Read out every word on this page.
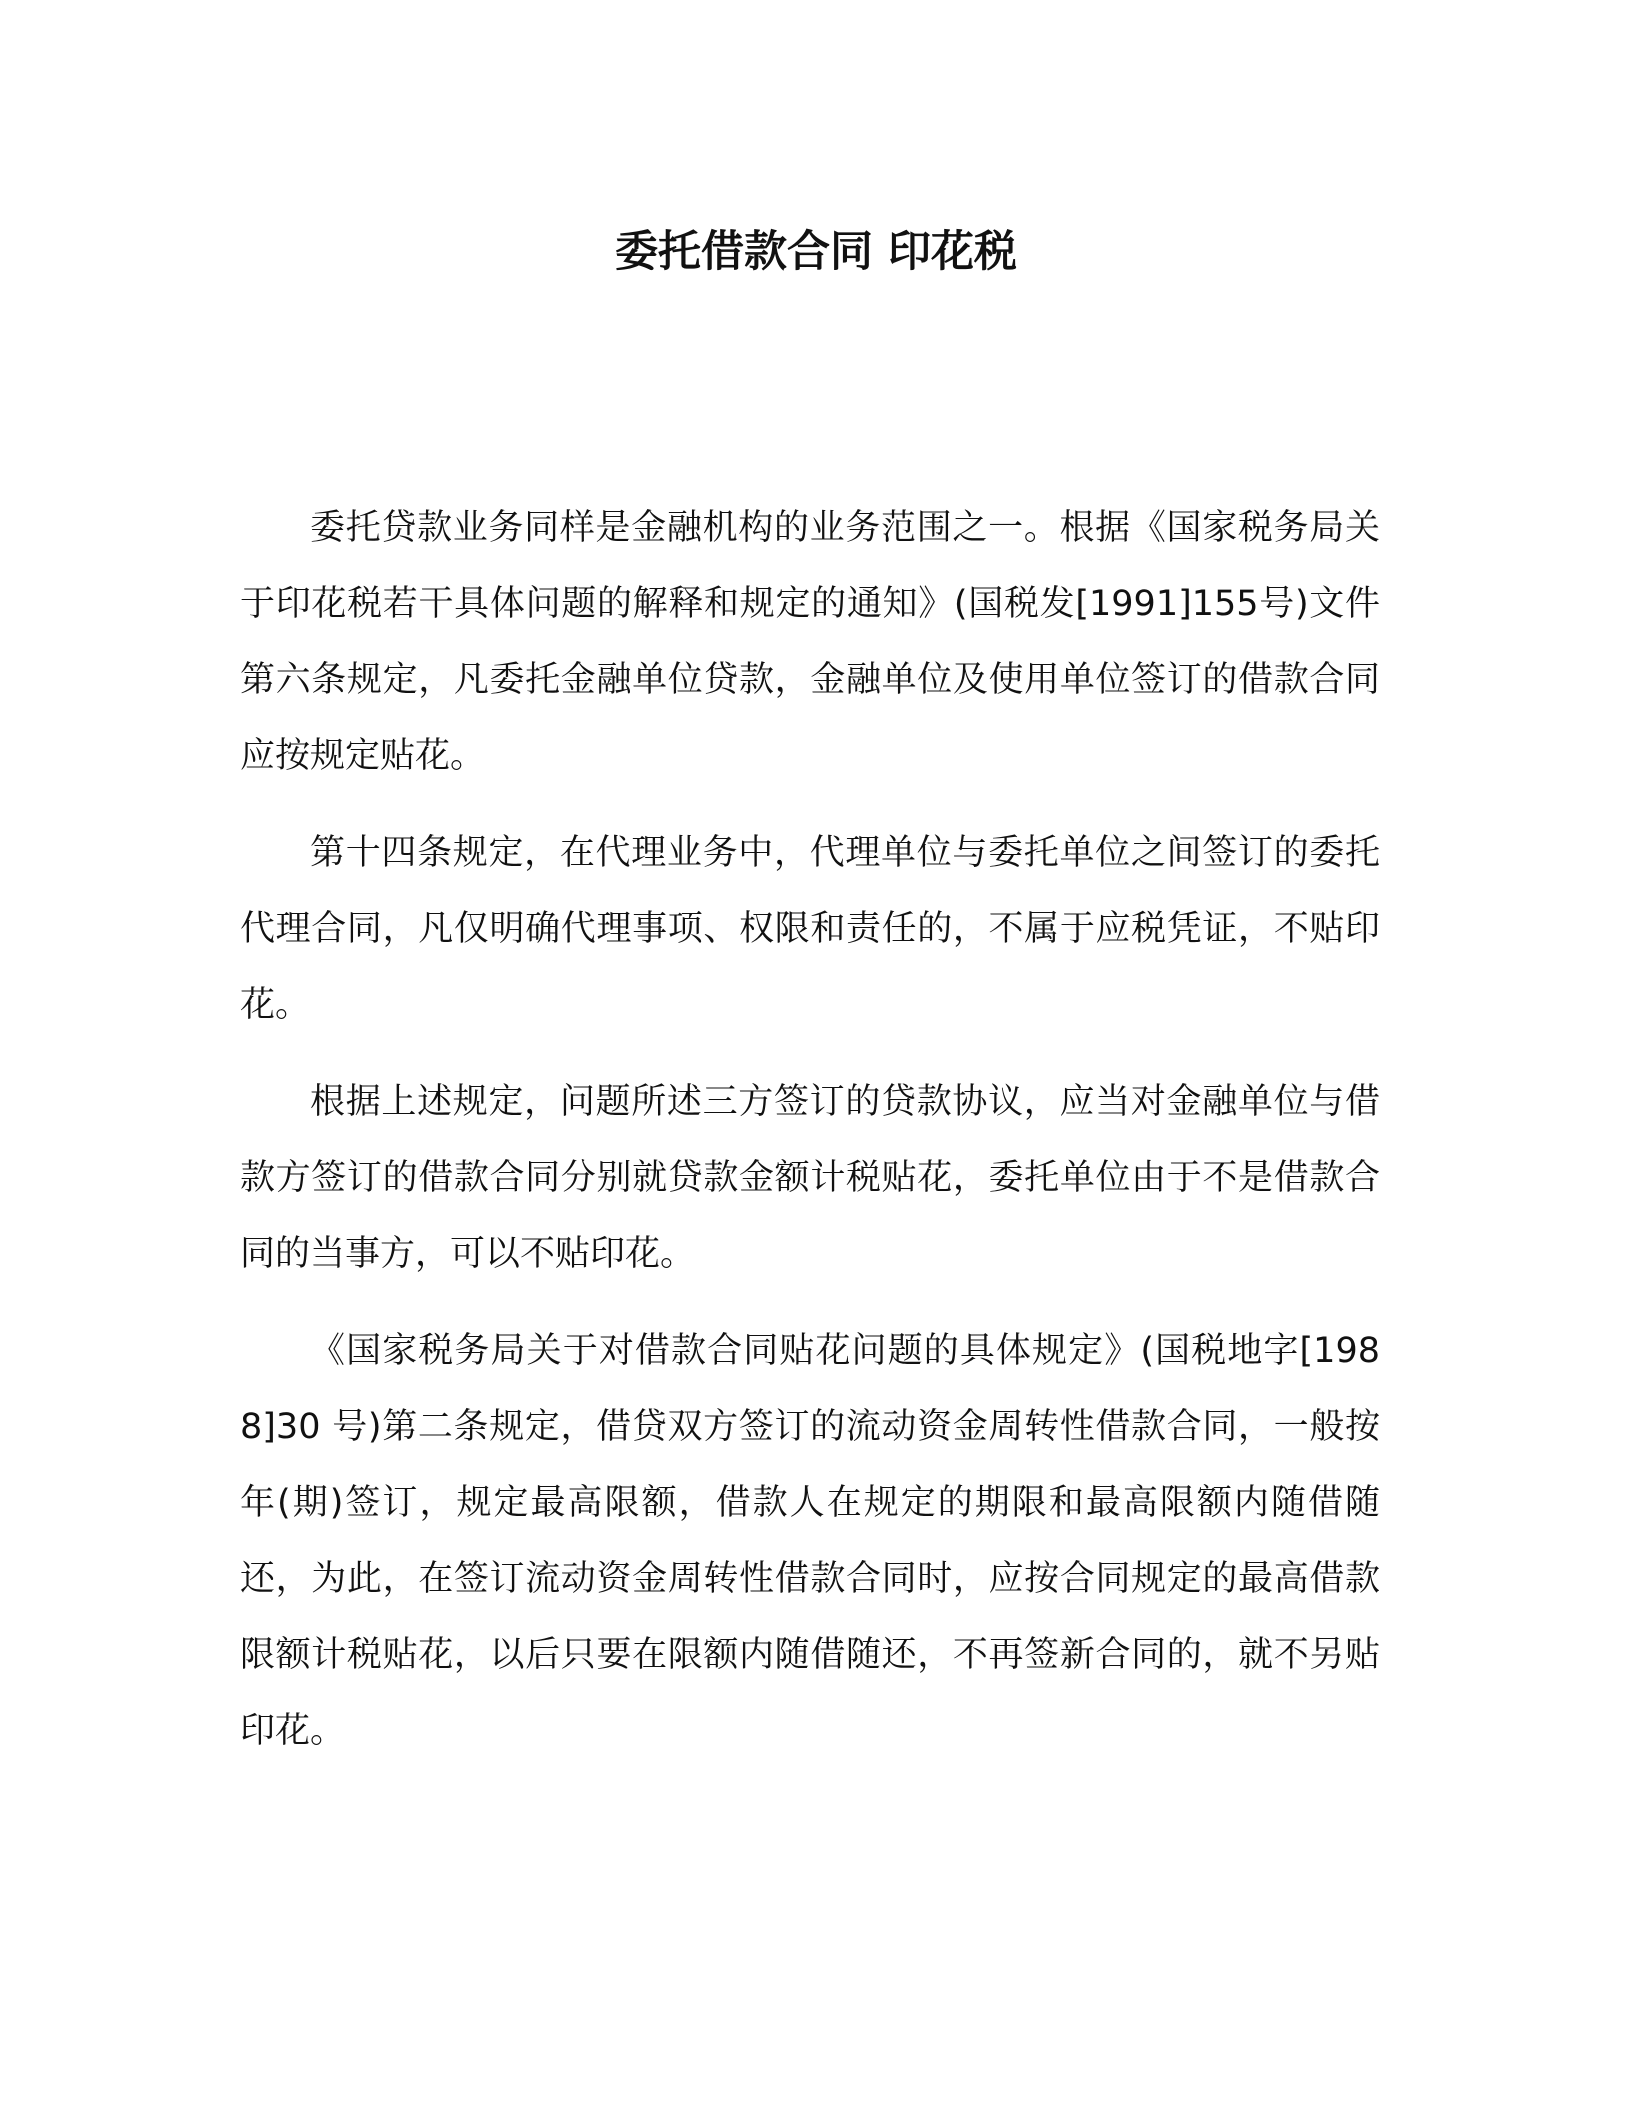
委托借款合同 印花税

委托贷款业务同样是金融机构的业务范围之一。根据《国家税务局关于印花税若干具体问题的解释和规定的通知》(国税发[1991]155号)文件第六条规定，凡委托金融单位贷款，金融单位及使用单位签订的借款合同应按规定贴花。

第十四条规定，在代理业务中，代理单位与委托单位之间签订的委托代理合同，凡仅明确代理事项、权限和责任的，不属于应税凭证，不贴印花。

根据上述规定，问题所述三方签订的贷款协议，应当对金融单位与借款方签订的借款合同分别就贷款金额计税贴花，委托单位由于不是借款合同的当事方，可以不贴印花。

《国家税务局关于对借款合同贴花问题的具体规定》(国税地字[1988]30 号)第二条规定，借贷双方签订的流动资金周转性借款合同，一般按年(期)签订，规定最高限额，借款人在规定的期限和最高限额内随借随还，为此，在签订流动资金周转性借款合同时，应按合同规定的最高借款限额计税贴花，以后只要在限额内随借随还，不再签新合同的，就不另贴印花。
